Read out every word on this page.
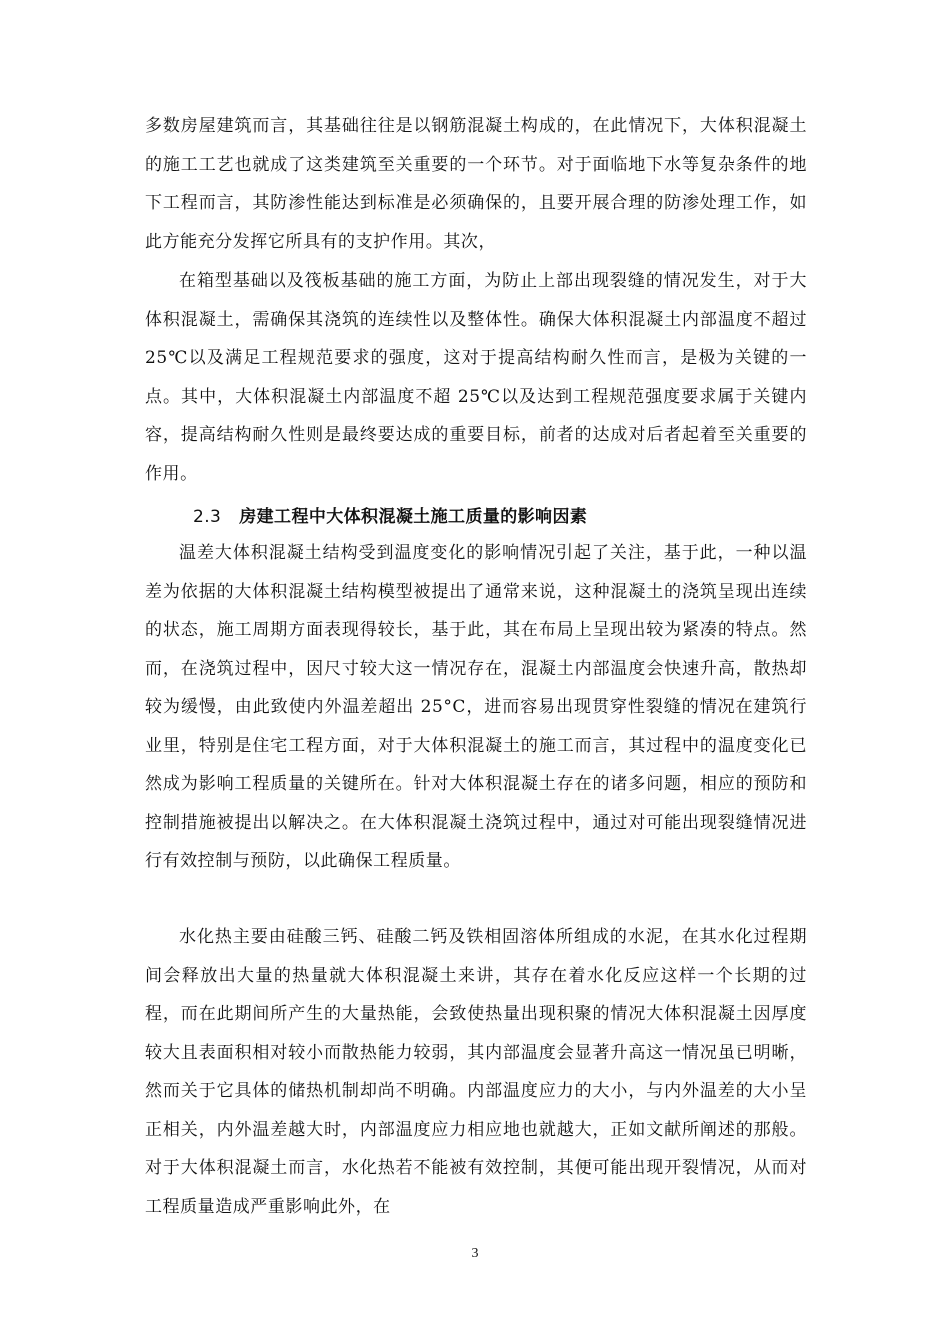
多数房屋建筑而言，其基础往往是以钢筋混凝土构成的，在此情况下，大体积混凝土的施工工艺也就成了这类建筑至关重要的一个环节。对于面临地下水等复杂条件的地下工程而言，其防渗性能达到标准是必须确保的，且要开展合理的防渗处理工作，如此方能充分发挥它所具有的支护作用。其次，

在箱型基础以及筏板基础的施工方面，为防止上部出现裂缝的情况发生，对于大体积混凝土，需确保其浇筑的连续性以及整体性。确保大体积混凝土内部温度不超过 25℃以及满足工程规范要求的强度，这对于提高结构耐久性而言，是极为关键的一点。其中，大体积混凝土内部温度不超 25℃以及达到工程规范强度要求属于关键内容，提高结构耐久性则是最终要达成的重要目标，前者的达成对后者起着至关重要的作用。

2.3 房建工程中大体积混凝土施工质量的影响因素

温差大体积混凝土结构受到温度变化的影响情况引起了关注，基于此，一种以温差为依据的大体积混凝土结构模型被提出了通常来说，这种混凝土的浇筑呈现出连续的状态，施工周期方面表现得较长，基于此，其在布局上呈现出较为紧凑的特点。然而，在浇筑过程中，因尺寸较大这一情况存在，混凝土内部温度会快速升高，散热却较为缓慢，由此致使内外温差超出 25°C，进而容易出现贯穿性裂缝的情况在建筑行业里，特别是住宅工程方面，对于大体积混凝土的施工而言，其过程中的温度变化已然成为影响工程质量的关键所在。针对大体积混凝土存在的诸多问题，相应的预防和控制措施被提出以解决之。在大体积混凝土浇筑过程中，通过对可能出现裂缝情况进行有效控制与预防，以此确保工程质量。

水化热主要由硅酸三钙、硅酸二钙及铁相固溶体所组成的水泥，在其水化过程期间会释放出大量的热量就大体积混凝土来讲，其存在着水化反应这样一个长期的过程，而在此期间所产生的大量热能，会致使热量出现积聚的情况大体积混凝土因厚度较大且表面积相对较小而散热能力较弱，其内部温度会显著升高这一情况虽已明晰，然而关于它具体的储热机制却尚不明确。内部温度应力的大小，与内外温差的大小呈正相关，内外温差越大时，内部温度应力相应地也就越大，正如文献所阐述的那般。对于大体积混凝土而言，水化热若不能被有效控制，其便可能出现开裂情况，从而对工程质量造成严重影响此外，在

3
